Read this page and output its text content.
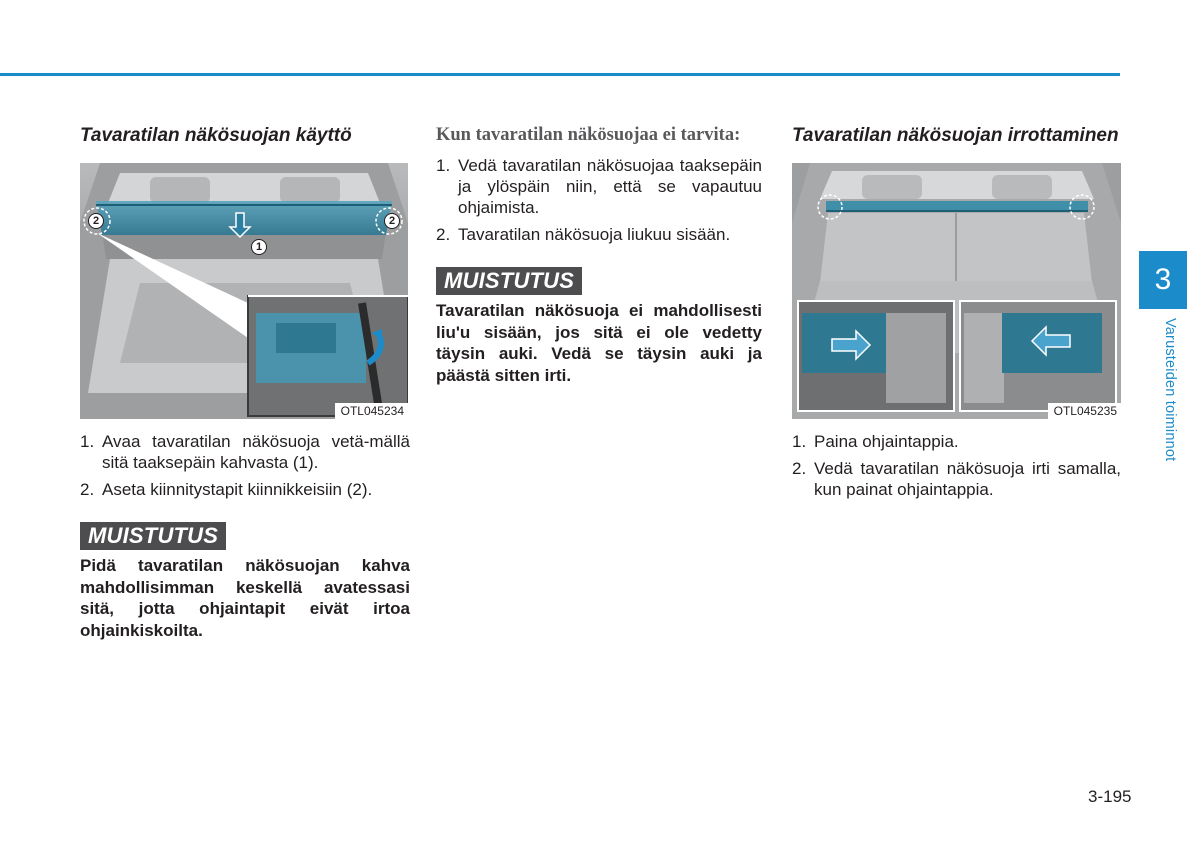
Tavaratilan näkösuojan käyttö
1
2	2
OTL045234
1. Avaa tavaratilan näkösuoja vetä-mällä sitä taaksepäin kahvasta (1).
2. Aseta kiinnitystapit kiinnikkeisiin (2).
MUISTUTUS
Pidä tavaratilan näkösuojan kahva mahdollisimman keskellä avatessasi sitä, jotta ohjaintapit eivät irtoa ohjainkiskoilta.
Kun tavaratilan näkösuojaa ei tarvita:
1. Vedä tavaratilan näkösuojaa taaksepäin ja ylöspäin niin, että se vapautuu ohjaimista.
2. Tavaratilan näkösuoja liukuu sisään.
MUISTUTUS
Tavaratilan näkösuoja ei mahdollisesti liu'u sisään, jos sitä ei ole vedetty täysin auki. Vedä se täysin auki ja päästä sitten irti.
Tavaratilan näkösuojan irrottaminen
OTL045235
1. Paina ohjaintappia.
2. Vedä tavaratilan näkösuoja irti samalla, kun painat ohjaintappia.
3
Varusteiden toiminnot
3-195
